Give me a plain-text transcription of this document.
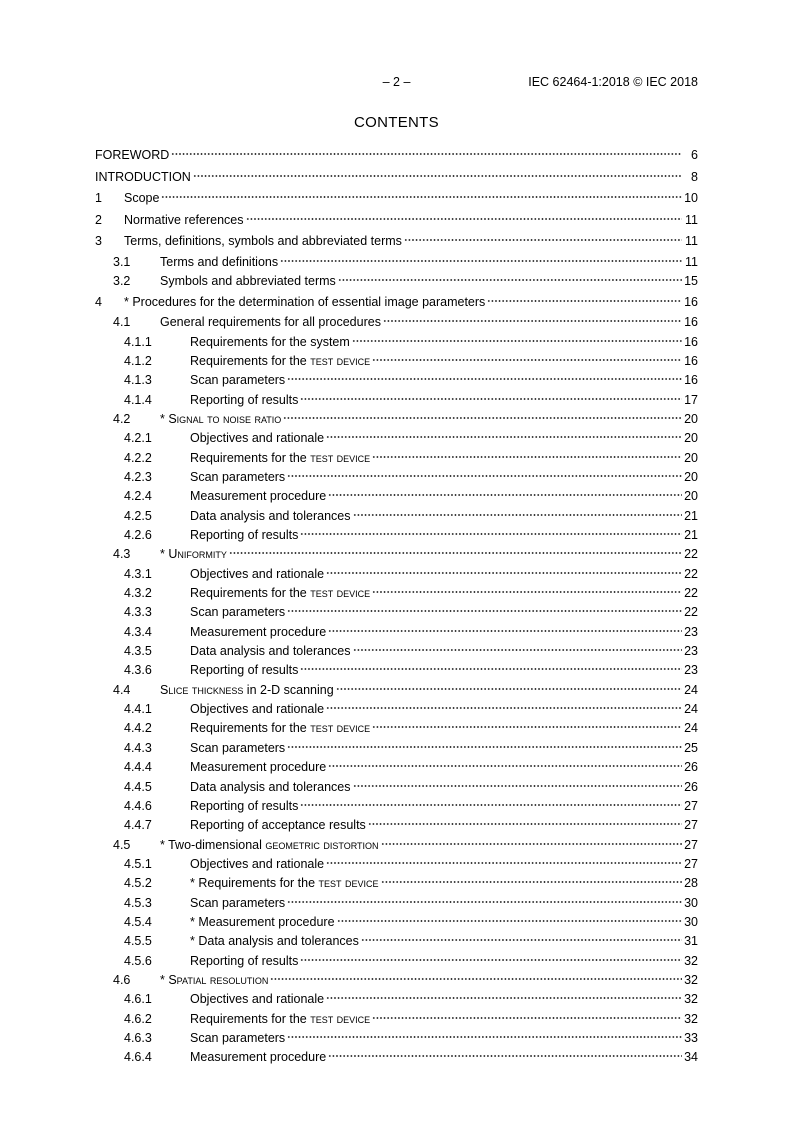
– 2 –	IEC 62464-1:2018 © IEC 2018
CONTENTS
FOREWORD	6
INTRODUCTION	8
1	Scope	10
2	Normative references	11
3	Terms, definitions, symbols and abbreviated terms	11
3.1	Terms and definitions	11
3.2	Symbols and abbreviated terms	15
4	* Procedures for the determination of essential image parameters	16
4.1	General requirements for all procedures	16
4.1.1	Requirements for the system	16
4.1.2	Requirements for the test device	16
4.1.3	Scan parameters	16
4.1.4	Reporting of results	17
4.2	* Signal to noise ratio	20
4.2.1	Objectives and rationale	20
4.2.2	Requirements for the test device	20
4.2.3	Scan parameters	20
4.2.4	Measurement procedure	20
4.2.5	Data analysis and tolerances	21
4.2.6	Reporting of results	21
4.3	* Uniformity	22
4.3.1	Objectives and rationale	22
4.3.2	Requirements for the test device	22
4.3.3	Scan parameters	22
4.3.4	Measurement procedure	23
4.3.5	Data analysis and tolerances	23
4.3.6	Reporting of results	23
4.4	Slice thickness in 2-D scanning	24
4.4.1	Objectives and rationale	24
4.4.2	Requirements for the test device	24
4.4.3	Scan parameters	25
4.4.4	Measurement procedure	26
4.4.5	Data analysis and tolerances	26
4.4.6	Reporting of results	27
4.4.7	Reporting of acceptance results	27
4.5	* Two-dimensional geometric distortion	27
4.5.1	Objectives and rationale	27
4.5.2	* Requirements for the test device	28
4.5.3	Scan parameters	30
4.5.4	* Measurement procedure	30
4.5.5	* Data analysis and tolerances	31
4.5.6	Reporting of results	32
4.6	* Spatial resolution	32
4.6.1	Objectives and rationale	32
4.6.2	Requirements for the test device	32
4.6.3	Scan parameters	33
4.6.4	Measurement procedure	34
